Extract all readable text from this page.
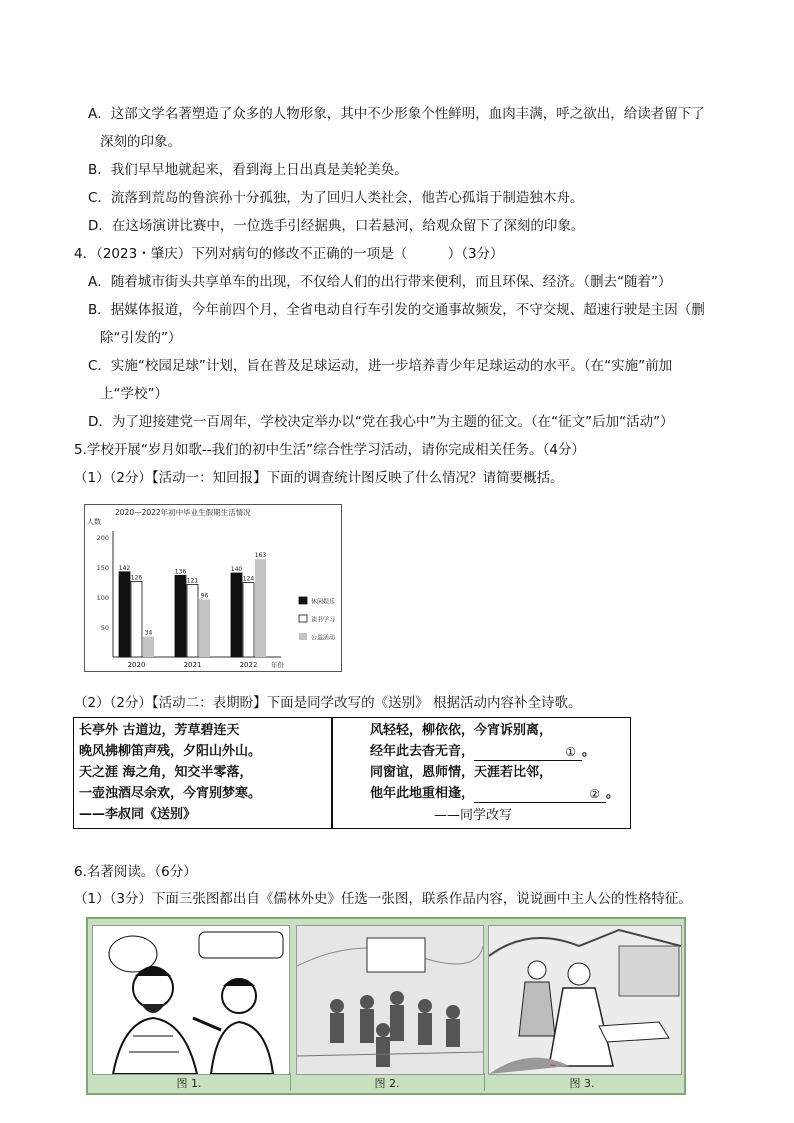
A．这部文学名著塑造了众多的人物形象，其中不少形象个性鲜明，血肉丰满，呼之欲出，给读者留下了
深刻的印象。
B．我们早早地就起来，看到海上日出真是美轮美奂。
C．流落到荒岛的鲁滨孙十分孤独，为了回归人类社会，他苦心孤诣于制造独木舟。
D．在这场演讲比赛中，一位选手引经据典，口若悬河，给观众留下了深刻的印象。
4．（2023・肇庆）下列对病句的修改不正确的一项是（　　　）（3分）
A．随着城市街头共享单车的出现，不仅给人们的出行带来便利，而且环保、经济。（删去“随着”）
B．据媒体报道，今年前四个月，全省电动自行车引发的交通事故频发，不守交规、超速行驶是主因（删
除“引发的”）
C．实施“校园足球”计划，旨在普及足球运动，进一步培养青少年足球运动的水平。（在“实施”前加
上“学校”）
D．为了迎接建党一百周年，学校决定举办以“党在我心中”为主题的征文。（在“征文”后加“活动”）
5.学校开展“岁月如歌--我们的初中生活”综合性学习活动，请你完成相关任务。（4分）
（1）（2分）【活动一：知回报】下面的调查统计图反映了什么情况？请简要概括。
2020—2022年初中毕业生假期生活情况
人数
50
100
150
200
142
126
34
2020
136
121
96
2021
140
124
163
2022 年份
休闲娱乐
读书学习
公益活动
（2）（2分）【活动二：表期盼】下面是同学改写的《送别》 根据活动内容补全诗歌。
长亭外 古道边，芳草碧连天
晚风拂柳笛声残，夕阳山外山。
天之涯 海之角，知交半零落，
一壶浊酒尽余欢，今宵别梦寒。
——李叔同《送别》
风轻轻，柳依依，今宵诉别离，
经年此去杳无音，	① 。
同窗谊，恩师情，天涯若比邻，
他年此地重相逢，	② 。
——同学改写
6.名著阅读。（6分）
（1）（3分）下面三张图都出自《儒林外史》任选一张图，联系作品内容，说说画中主人公的性格特征。
~
图 1.	图 2.	图 3.
